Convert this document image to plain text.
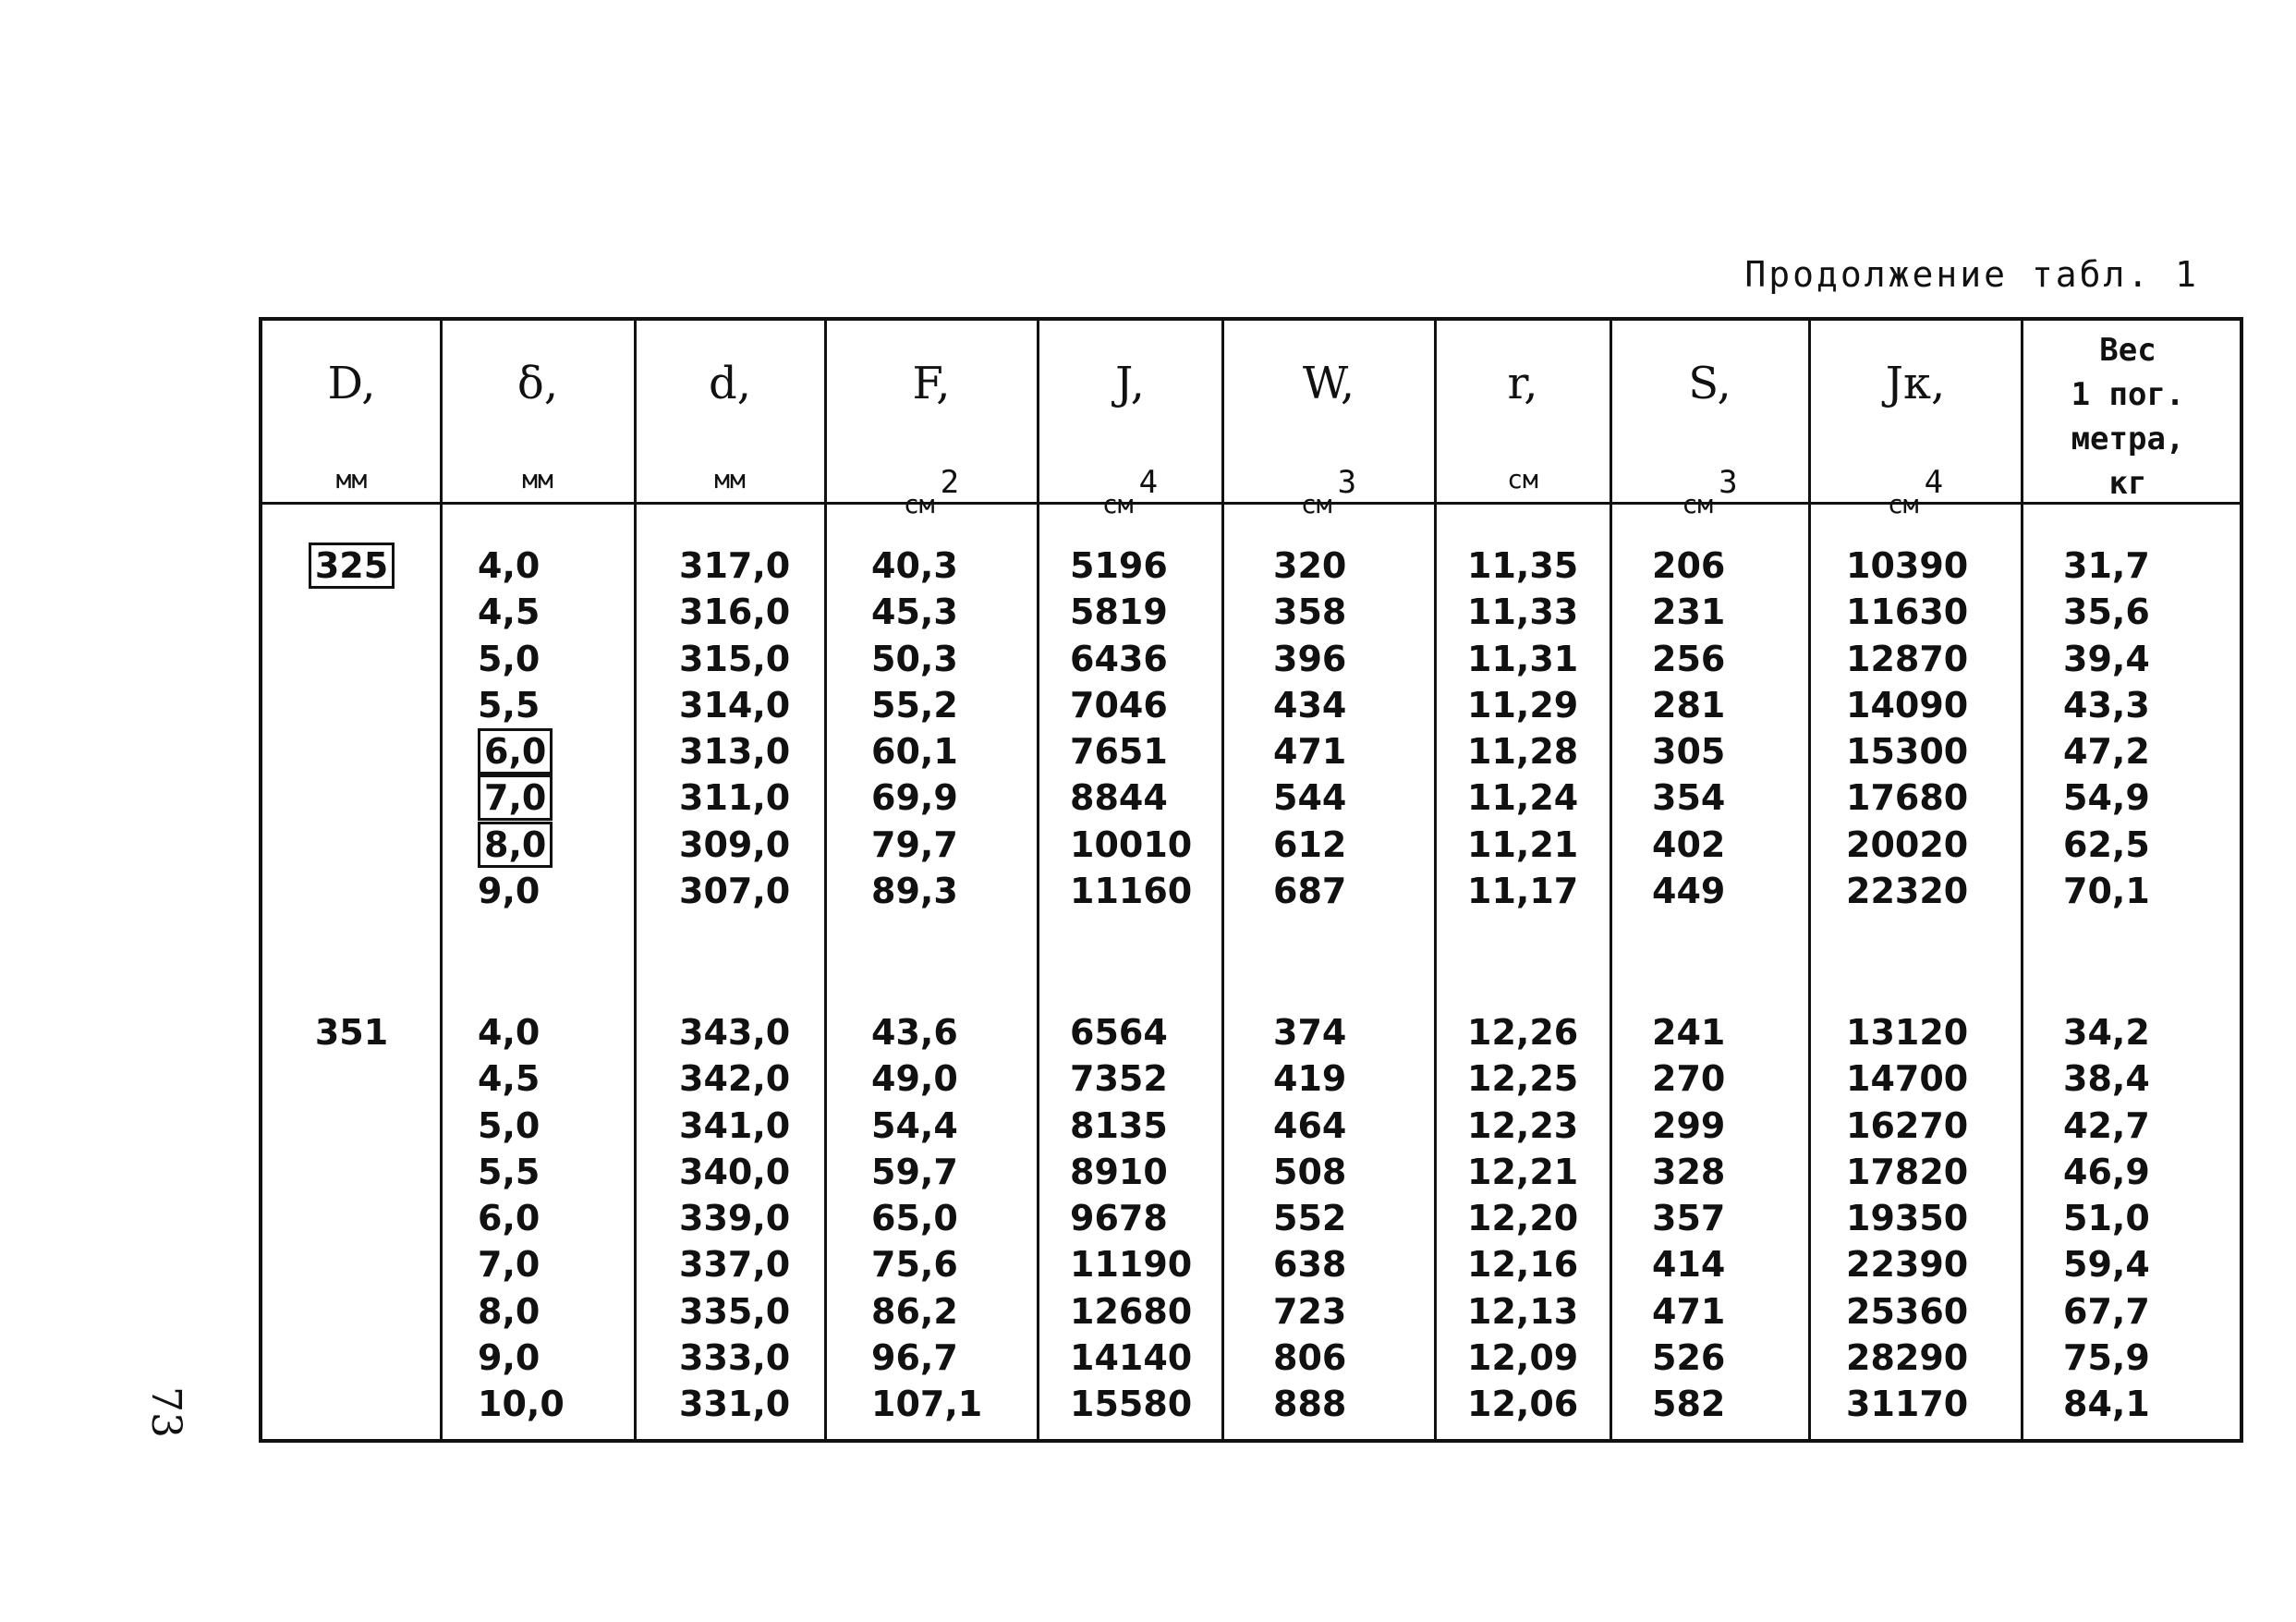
Продолжение табл. 1
73
D,
мм
δ,
мм
d,
мм
F,
$см^2$
J,
$см^4$
W,
$см^3$
r,
см
S,
$см^3$
Jк,
$см^4$
Вес
1 пог.
метра,
кг
325	4,0
4,5
5,0
5,5
6,0
7,0
8,0
9,0
317,0
316,0
315,0
314,0
313,0
311,0
309,0
307,0
40,3
45,3
50,3
55,2
60,1
69,9
79,7
89,3
5196
5819
6436
7046
7651
8844
10010
11160
320
358
396
434
471
544
612
687
11,35
11,33
11,31
11,29
11,28
11,24
11,21
11,17
206
231
256
281
305
354
402
449
10390
11630
12870
14090
15300
17680
20020
22320
31,7
35,6
39,4
43,3
47,2
54,9
62,5
70,1
351	4,0
4,5
5,0
5,5
6,0
7,0
8,0
9,0
10,0
343,0
342,0
341,0
340,0
339,0
337,0
335,0
333,0
331,0
43,6
49,0
54,4
59,7
65,0
75,6
86,2
96,7
107,1
6564
7352
8135
8910
9678
11190
12680
14140
15580
374
419
464
508
552
638
723
806
888
12,26
12,25
12,23
12,21
12,20
12,16
12,13
12,09
12,06
241
270
299
328
357
414
471
526
582
13120
14700
16270
17820
19350
22390
25360
28290
31170
34,2
38,4
42,7
46,9
51,0
59,4
67,7
75,9
84,1
